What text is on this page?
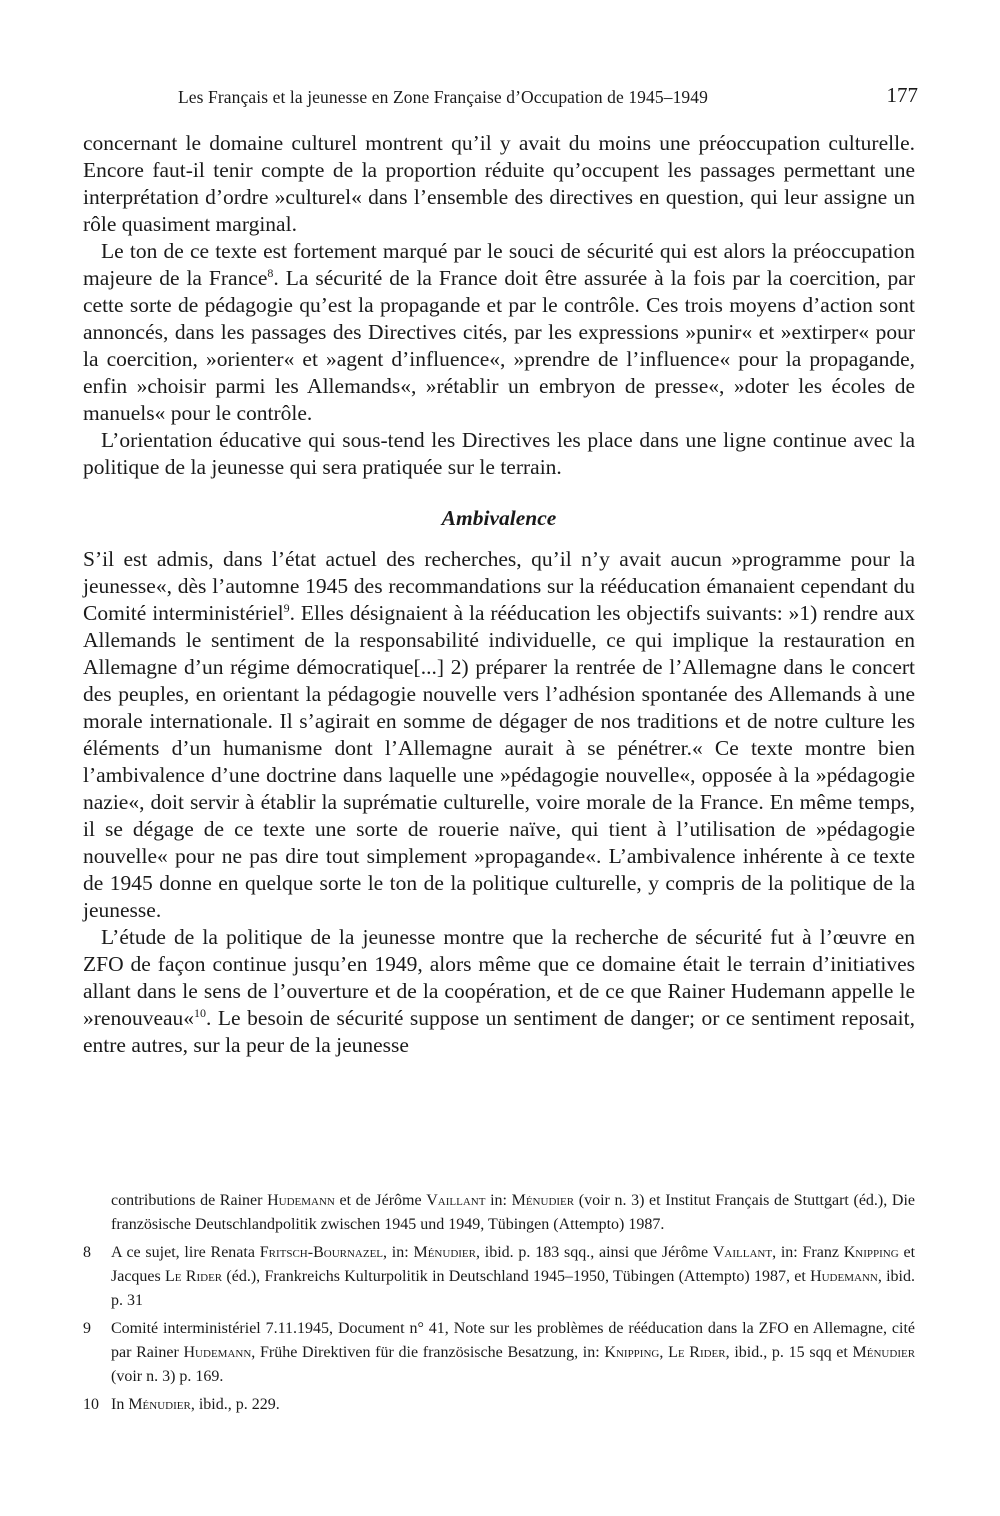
Les Français et la jeunesse en Zone Française d’Occupation de 1945–1949	177

concernant le domaine culturel montrent qu’il y avait du moins une préoccupation culturelle. Encore faut-il tenir compte de la proportion réduite qu’occupent les passages permettant une interprétation d’ordre »culturel« dans l’ensemble des directives en question, qui leur assigne un rôle quasiment marginal.

Le ton de ce texte est fortement marqué par le souci de sécurité qui est alors la préoccupation majeure de la France$^8$. La sécurité de la France doit être assurée à la fois par la coercition, par cette sorte de pédagogie qu’est la propagande et par le contrôle. Ces trois moyens d’action sont annoncés, dans les passages des Directives cités, par les expressions »punir« et »extirper« pour la coercition, »orienter« et »agent d’influence«, »prendre de l’influence« pour la propagande, enfin »choisir parmi les Allemands«, »rétablir un embryon de presse«, »doter les écoles de manuels« pour le contrôle.

L’orientation éducative qui sous-tend les Directives les place dans une ligne continue avec la politique de la jeunesse qui sera pratiquée sur le terrain.

Ambivalence

S’il est admis, dans l’état actuel des recherches, qu’il n’y avait aucun »programme pour la jeunesse«, dès l’automne 1945 des recommandations sur la rééducation émanaient cependant du Comité interministériel$^9$. Elles désignaient à la rééducation les objectifs suivants: »1) rendre aux Allemands le sentiment de la responsabilité individuelle, ce qui implique la restauration en Allemagne d’un régime démocratique[...] 2) préparer la rentrée de l’Allemagne dans le concert des peuples, en orientant la pédagogie nouvelle vers l’adhésion spontanée des Allemands à une morale internationale. Il s’agirait en somme de dégager de nos traditions et de notre culture les éléments d’un humanisme dont l’Allemagne aurait à se pénétrer.« Ce texte montre bien l’ambivalence d’une doctrine dans laquelle une »pédagogie nouvelle«, opposée à la »pédagogie nazie«, doit servir à établir la suprématie culturelle, voire morale de la France. En même temps, il se dégage de ce texte une sorte de rouerie naïve, qui tient à l’utilisation de »pédagogie nouvelle« pour ne pas dire tout simplement »propagande«. L’ambivalence inhérente à ce texte de 1945 donne en quelque sorte le ton de la politique culturelle, y compris de la politique de la jeunesse.

L’étude de la politique de la jeunesse montre que la recherche de sécurité fut à l’œuvre en ZFO de façon continue jusqu’en 1949, alors même que ce domaine était le terrain d’initiatives allant dans le sens de l’ouverture et de la coopération, et de ce que Rainer Hudemann appelle le »renouveau«$^{10}$. Le besoin de sécurité suppose un sentiment de danger; or ce sentiment reposait, entre autres, sur la peur de la jeunesse

contributions de Rainer Hudemann et de Jérôme Vaillant in: Ménudier (voir n. 3) et Institut Français de Stuttgart (éd.), Die französische Deutschlandpolitik zwischen 1945 und 1949, Tübingen (Attempto) 1987.

8 A ce sujet, lire Renata Fritsch-Bournazel, in: Ménudier, ibid. p. 183 sqq., ainsi que Jérôme Vaillant, in: Franz Knipping et Jacques Le Rider (éd.), Frankreichs Kulturpolitik in Deutschland 1945–1950, Tübingen (Attempto) 1987, et Hudemann, ibid. p. 31

9 Comité interministériel 7.11.1945, Document n° 41, Note sur les problèmes de rééducation dans la ZFO en Allemagne, cité par Rainer Hudemann, Frühe Direktiven für die französische Besatzung, in: Knipping, Le Rider, ibid., p. 15 sqq et Ménudier (voir n. 3) p. 169.

10 In Ménudier, ibid., p. 229.
